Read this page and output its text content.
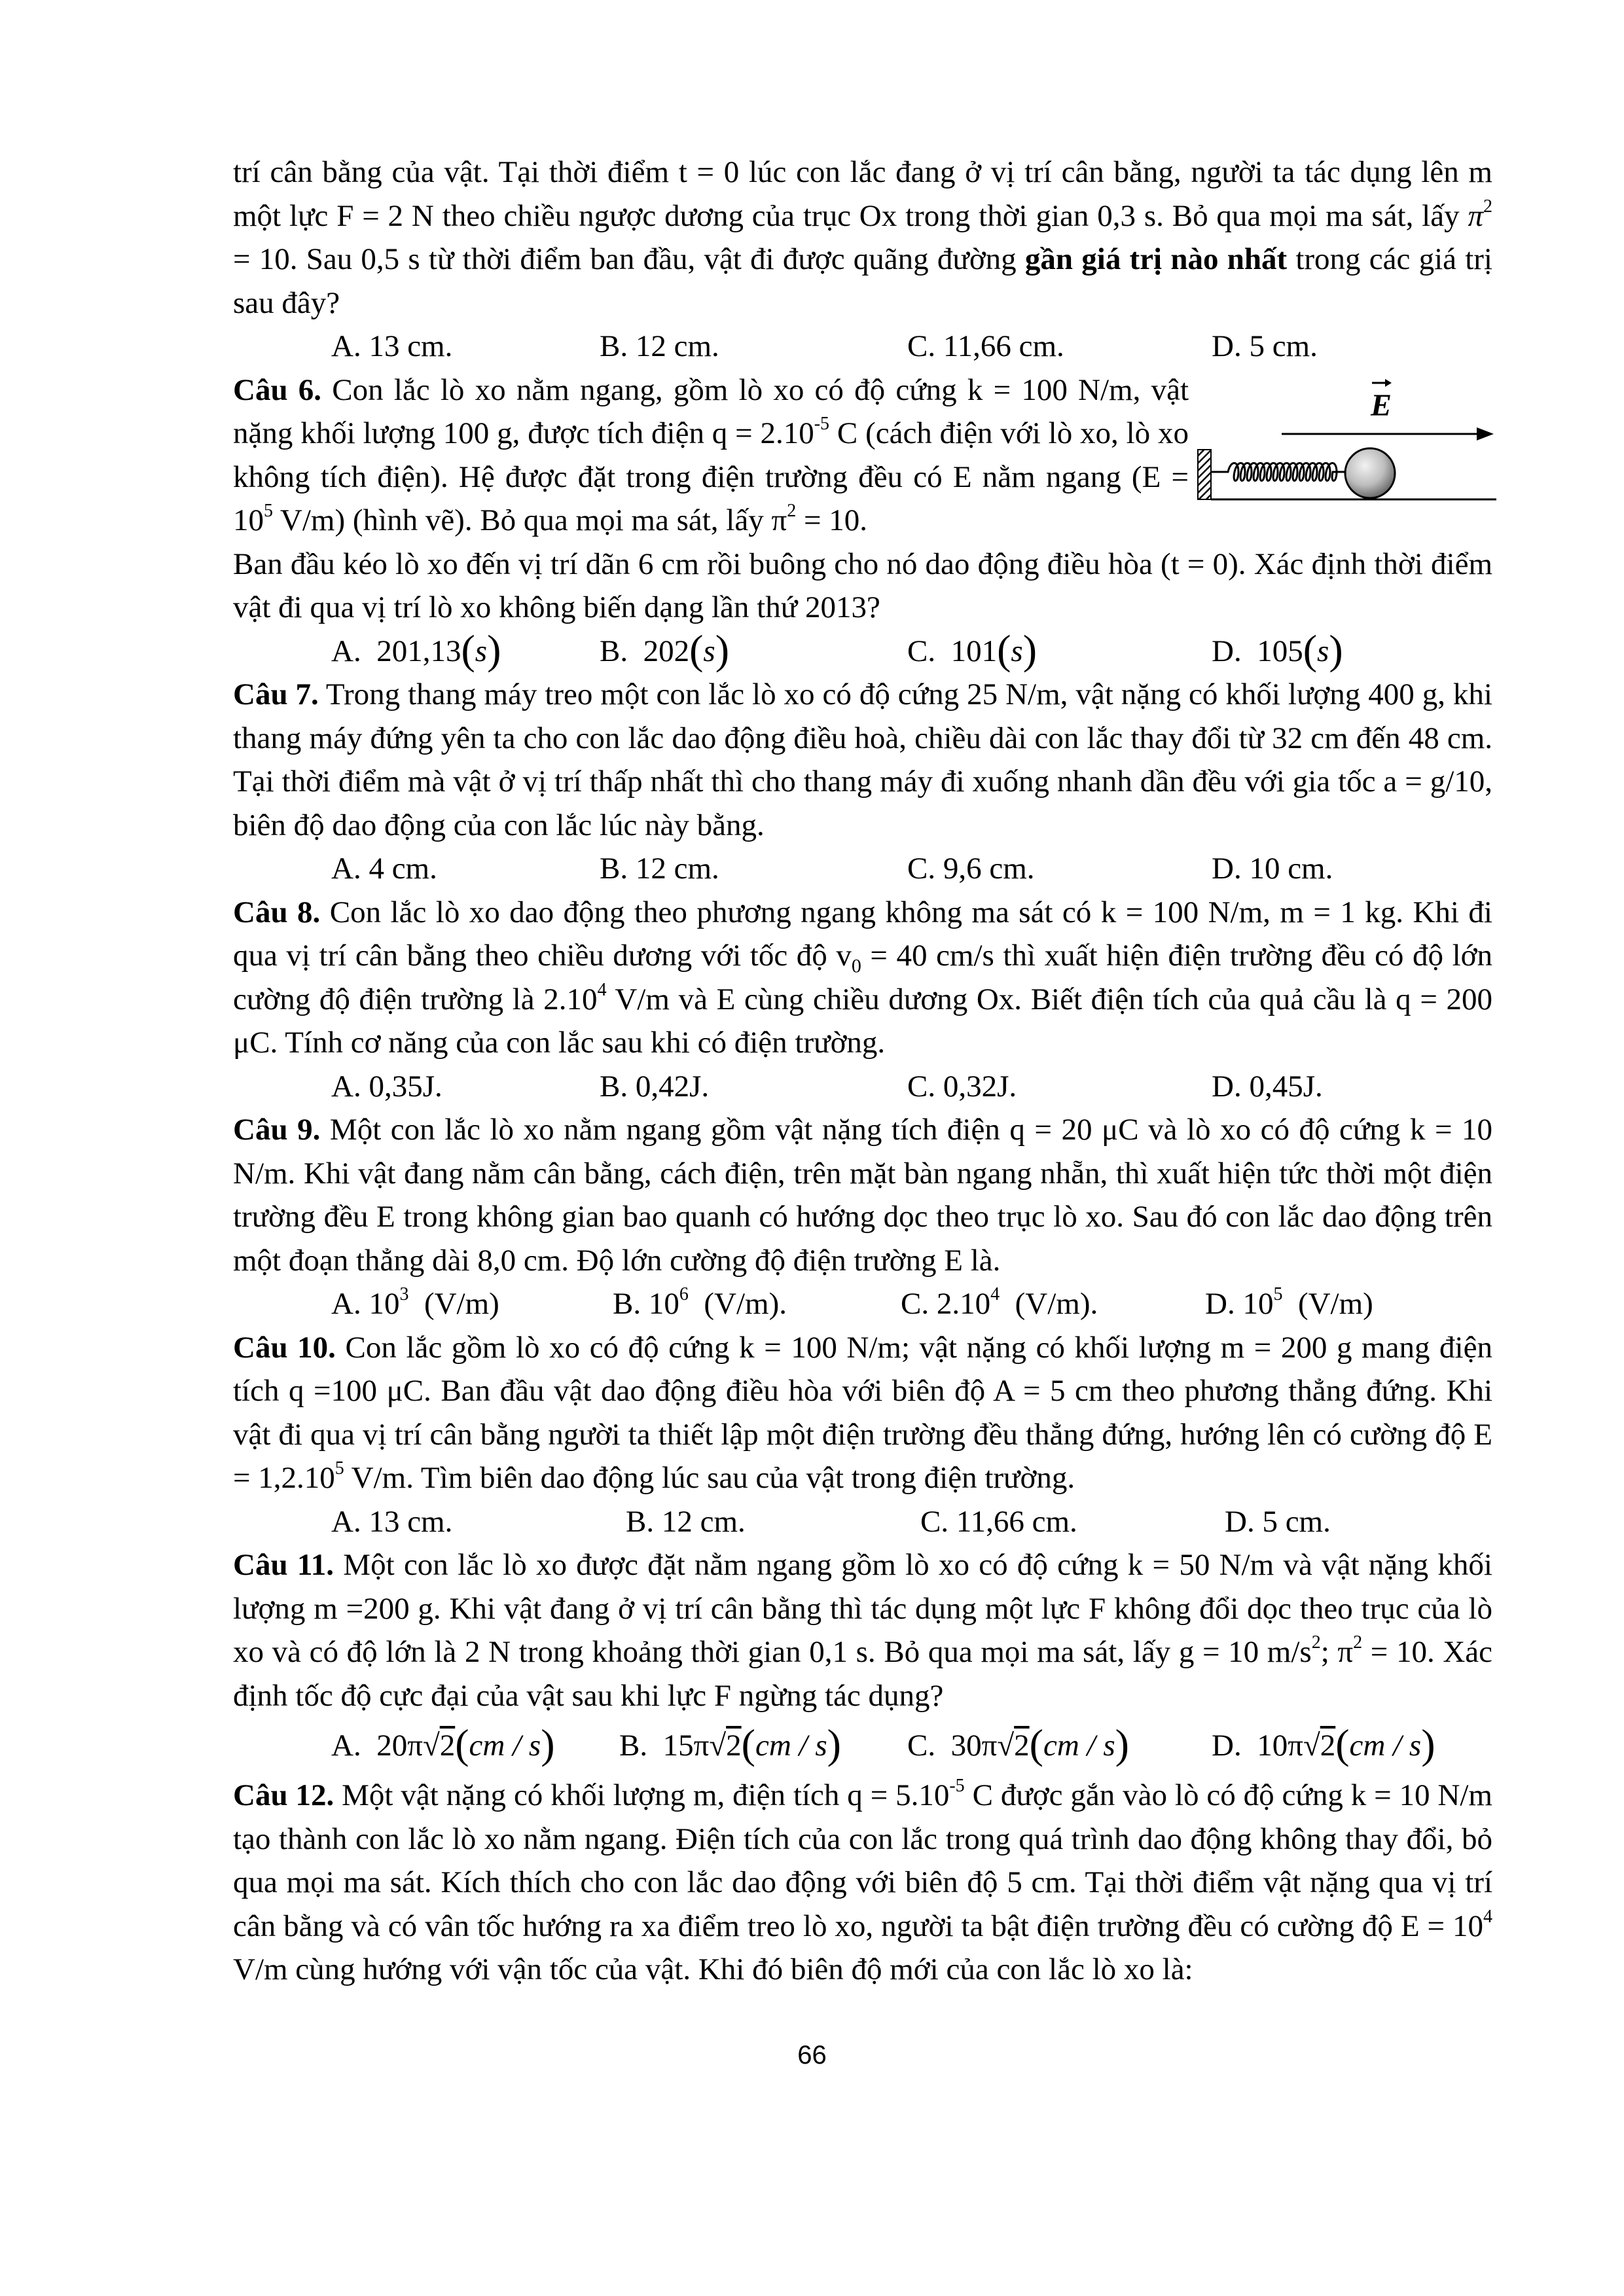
trí cân bằng của vật. Tại thời điểm t = 0 lúc con lắc đang ở vị trí cân bằng, người ta tác dụng lên m một lực F = 2 N theo chiều ngược dương của trục Ox trong thời gian 0,3 s. Bỏ qua mọi ma sát, lấy $\pi^2 = 10$. Sau 0,5 s từ thời điểm ban đầu, vật đi được quãng đường gần giá trị nào nhất trong các giá trị sau đây?

A. 13 cm.	B. 12 cm.	C. 11,66 cm.	D. 5 cm.
Câu 6. Con lắc lò xo nằm ngang, gồm lò xo có độ cứng k = 100 N/m, vật nặng khối lượng 100 g, được tích điện $q = 2.10^{-5}$ C (cách điện với lò xo, lò xo không tích điện). Hệ được đặt trong điện trường đều có E nằm ngang ($E = 10^5$ V/m) (hình vẽ). Bỏ qua mọi ma sát, lấy $\pi^2 = 10$.
E

Ban đầu kéo lò xo đến vị trí dãn 6 cm rồi buông cho nó dao động điều hòa (t = 0). Xác định thời điểm vật đi qua vị trí lò xo không biến dạng lần thứ 2013?

A. 201,13(s)	B. 202(s)	C. 101(s)	D. 105(s)

Câu 7. Trong thang máy treo một con lắc lò xo có độ cứng 25 N/m, vật nặng có khối lượng 400 g, khi thang máy đứng yên ta cho con lắc dao động điều hoà, chiều dài con lắc thay đổi từ 32 cm đến 48 cm. Tại thời điểm mà vật ở vị trí thấp nhất thì cho thang máy đi xuống nhanh dần đều với gia tốc a = g/10, biên độ dao động của con lắc lúc này bằng.

A. 4 cm.	B. 12 cm.	C. 9,6 cm.	D. 10 cm.

Câu 8. Con lắc lò xo dao động theo phương ngang không ma sát có k = 100 N/m, m = 1 kg. Khi đi qua vị trí cân bằng theo chiều dương với tốc độ $v_0 = 40$ cm/s thì xuất hiện điện trường đều có độ lớn cường độ điện trường là 2.10$^4$ V/m và E cùng chiều dương Ox. Biết điện tích của quả cầu là q = 200 μC. Tính cơ năng của con lắc sau khi có điện trường.

A. 0,35J.	B. 0,42J.	C. 0,32J.	D. 0,45J.

Câu 9. Một con lắc lò xo nằm ngang gồm vật nặng tích điện q = 20 μC và lò xo có độ cứng k = 10 N/m. Khi vật đang nằm cân bằng, cách điện, trên mặt bàn ngang nhẵn, thì xuất hiện tức thời một điện trường đều E trong không gian bao quanh có hướng dọc theo trục lò xo. Sau đó con lắc dao động trên một đoạn thẳng dài 8,0 cm. Độ lớn cường độ điện trường E là.

A. $10^3$  (V/m)	B. $10^6$  (V/m).	C. 2.10$^4$  (V/m).	D. $10^5$  (V/m)

Câu 10. Con lắc gồm lò xo có độ cứng k = 100 N/m; vật nặng có khối lượng m = 200 g mang điện tích q =100 μC. Ban đầu vật dao động điều hòa với biên độ A = 5 cm theo phương thẳng đứng. Khi vật đi qua vị trí cân bằng người ta thiết lập một điện trường đều thẳng đứng, hướng lên có cường độ $E = 1,2.10^5$ V/m. Tìm biên dao động lúc sau của vật trong điện trường.

A. 13 cm.	B. 12 cm.	C. 11,66 cm.	D. 5 cm.

Câu 11. Một con lắc lò xo được đặt nằm ngang gồm lò xo có độ cứng k = 50 N/m và vật nặng khối lượng m =200 g. Khi vật đang ở vị trí cân bằng thì tác dụng một lực F không đổi dọc theo trục của lò xo và có độ lớn là 2 N trong khoảng thời gian 0,1 s. Bỏ qua mọi ma sát, lấy g = 10 $m/s^2$; $\pi^2 = 10$. Xác định tốc độ cực đại của vật sau khi lực F ngừng tác dụng?

A. 20π√2(cm / s)	B. 15π√2(cm / s)	C. 30π√2(cm / s)	D. 10π√2(cm / s)

Câu 12. Một vật nặng có khối lượng m, điện tích $q = 5.10^{-5}$ C được gắn vào lò có độ cứng k = 10 N/m tạo thành con lắc lò xo nằm ngang. Điện tích của con lắc trong quá trình dao động không thay đổi, bỏ qua mọi ma sát. Kích thích cho con lắc dao động với biên độ 5 cm. Tại thời điểm vật nặng qua vị trí cân bằng và có vân tốc hướng ra xa điểm treo lò xo, người ta bật điện trường đều có cường độ $E = 10^4$ V/m cùng hướng với vận tốc của vật. Khi đó biên độ mới của con lắc lò xo là:

66
